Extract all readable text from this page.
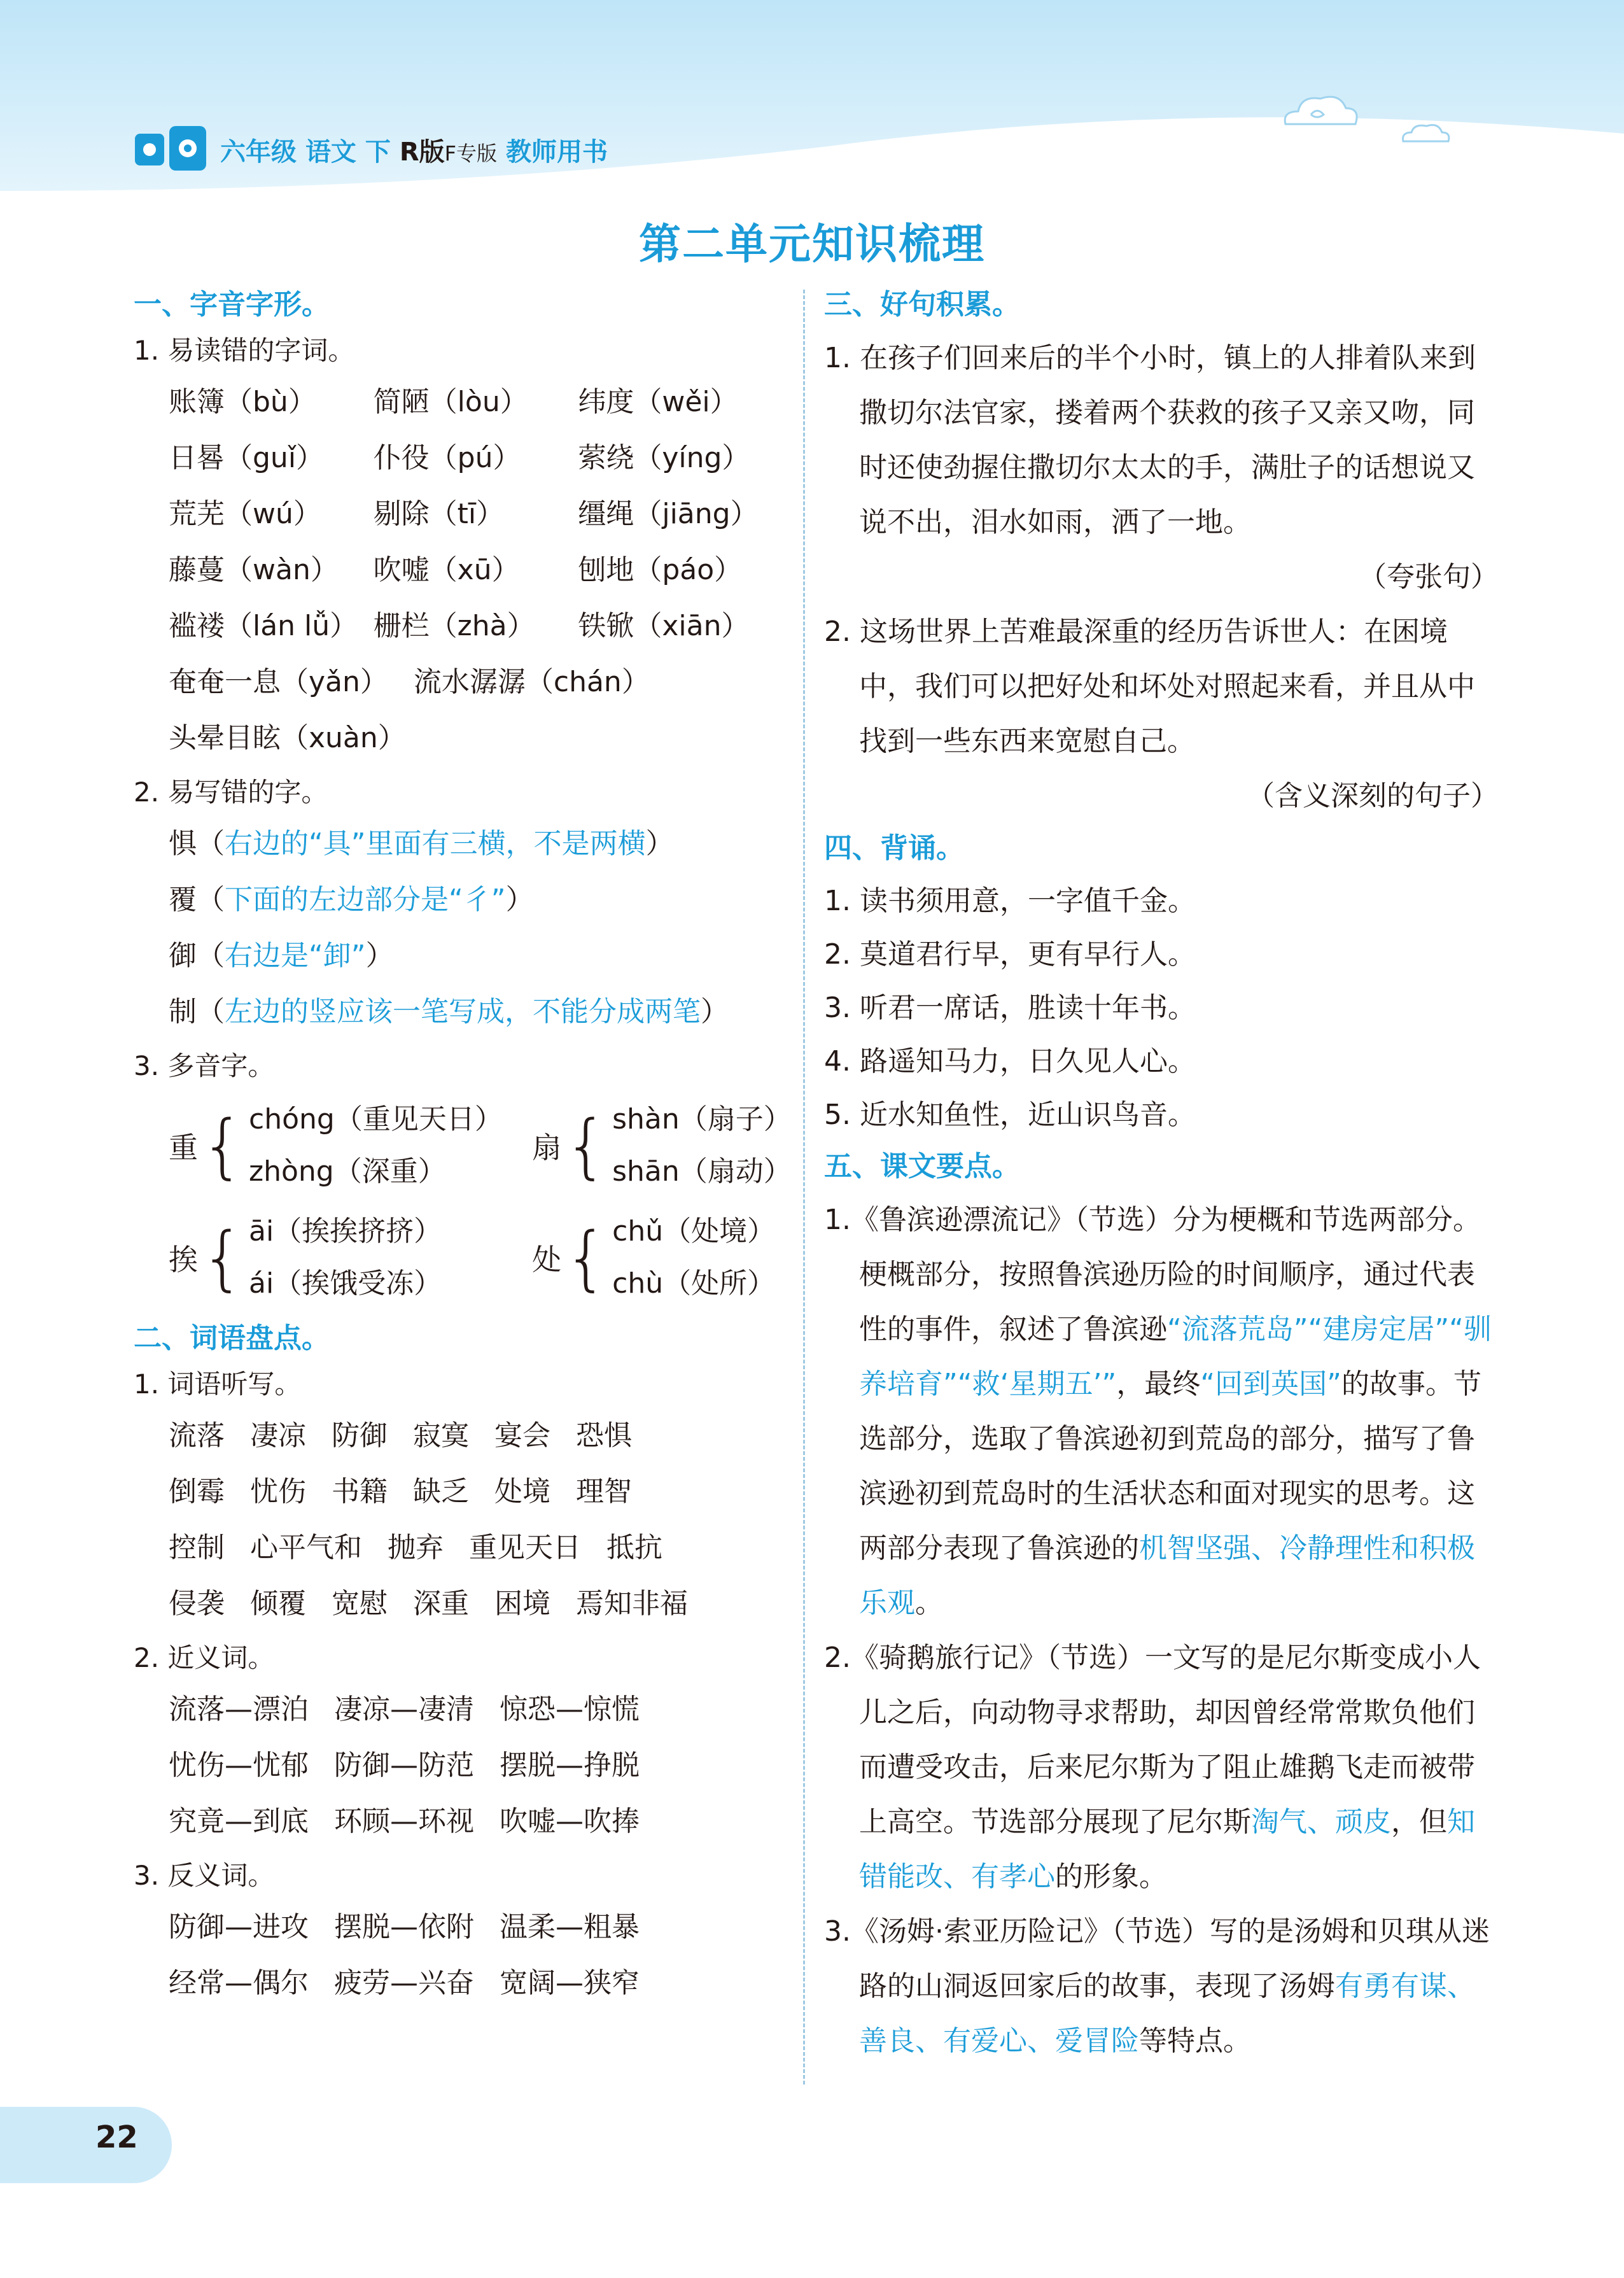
六年级 语文 下 R版F专版 教师用书
第二单元知识梳理
一、字音字形。
1. 易读错的字词。
账簿（bù）	简陋（lòu）	纬度（wěi）
日晷（guǐ）	仆役（pú）	萦绕（yíng）
荒芜（wú）	剔除（tī）	缰绳（jiāng）
藤蔓（wàn）	吹嘘（xū）	刨地（páo）
褴褛（lán lǚ） 栅栏（zhà）	铁锨（xiān）
奄奄一息（yǎn） 流水潺潺（chán）
头晕目眩（xuàn）
2. 易写错的字。
惧（右边的“具”里面有三横，不是两横）
覆（下面的左边部分是“彳”）
御（右边是“卸”）
制（左边的竖应该一笔写成，不能分成两笔）
3. 多音字。
重 { chóng（重见天日）
zhòng（深重）
扇 { shàn（扇子）
shān（扇动）
挨 { āi（挨挨挤挤）
ái（挨饿受冻）
处 { chǔ（处境）
chù（处所）
二、词语盘点。
1. 词语听写。
流落 凄凉 防御 寂寞 宴会 恐惧
倒霉 忧伤 书籍 缺乏 处境 理智
控制 心平气和 抛弃 重见天日 抵抗
侵袭 倾覆 宽慰 深重 困境 焉知非福
2. 近义词。
流落—漂泊 凄凉—凄清 惊恐—惊慌
忧伤—忧郁 防御—防范 摆脱—挣脱
究竟—到底 环顾—环视 吹嘘—吹捧
3. 反义词。
防御—进攻 摆脱—依附 温柔—粗暴
经常—偶尔 疲劳—兴奋 宽阔—狭窄
三、好句积累。

1. 在孩子们回来后的半个小时，镇上的人排着队来到撒切尔法官家，搂着两个获救的孩子又亲又吻，同时还使劲握住撒切尔太太的手，满肚子的话想说又说不出，泪水如雨，洒了一地。
（夸张句）

2. 这场世界上苦难最深重的经历告诉世人：在困境中，我们可以把好处和坏处对照起来看，并且从中找到一些东西来宽慰自己。
（含义深刻的句子）

四、背诵。
1. 读书须用意，一字值千金。
2. 莫道君行早，更有早行人。
3. 听君一席话，胜读十年书。
4. 路遥知马力，日久见人心。
5. 近水知鱼性，近山识鸟音。
五、课文要点。

1.《鲁滨逊漂流记》（节选）分为梗概和节选两部分。梗概部分，按照鲁滨逊历险的时间顺序，通过代表性的事件，叙述了鲁滨逊“流落荒岛”“建房定居”“驯养培育”“救‘星期五’”，最终“回到英国”的故事。节选部分，选取了鲁滨逊初到荒岛的部分，描写了鲁滨逊初到荒岛时的生活状态和面对现实的思考。这两部分表现了鲁滨逊的机智坚强、冷静理性和积极乐观。

2.《骑鹅旅行记》（节选）一文写的是尼尔斯变成小人儿之后，向动物寻求帮助，却因曾经常常欺负他们而遭受攻击，后来尼尔斯为了阻止雄鹅飞走而被带上高空。节选部分展现了尼尔斯淘气、顽皮，但知错能改、有孝心的形象。

3.《汤姆·索亚历险记》（节选）写的是汤姆和贝琪从迷路的山洞返回家后的故事，表现了汤姆有勇有谋、善良、有爱心、爱冒险等特点。

22
